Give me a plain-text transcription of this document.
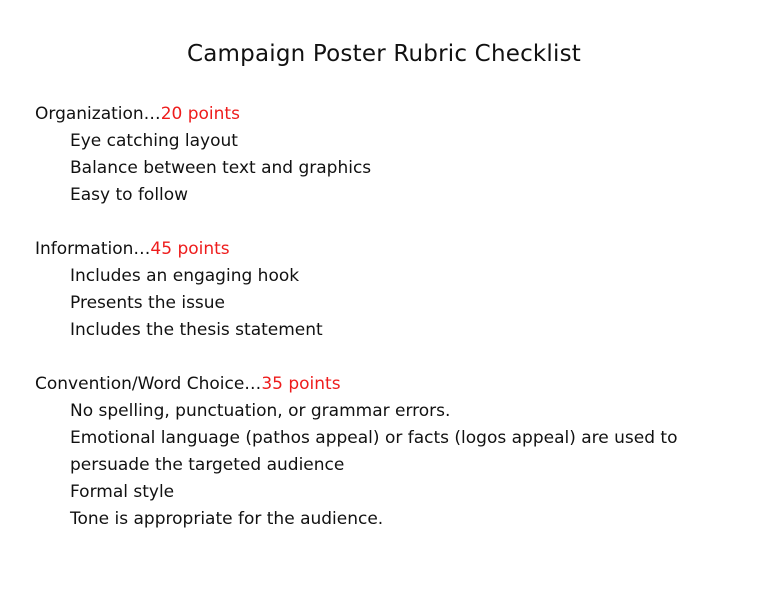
Campaign Poster Rubric Checklist
Organization…20 points
Eye catching layout
Balance between text and graphics
Easy to follow
Information…45 points
Includes an engaging hook
Presents the issue
Includes the thesis statement
Convention/Word Choice…35 points
No spelling, punctuation, or grammar errors.
Emotional language (pathos appeal) or facts (logos appeal) are used to persuade the targeted audience
Formal style
Tone is appropriate for the audience.
